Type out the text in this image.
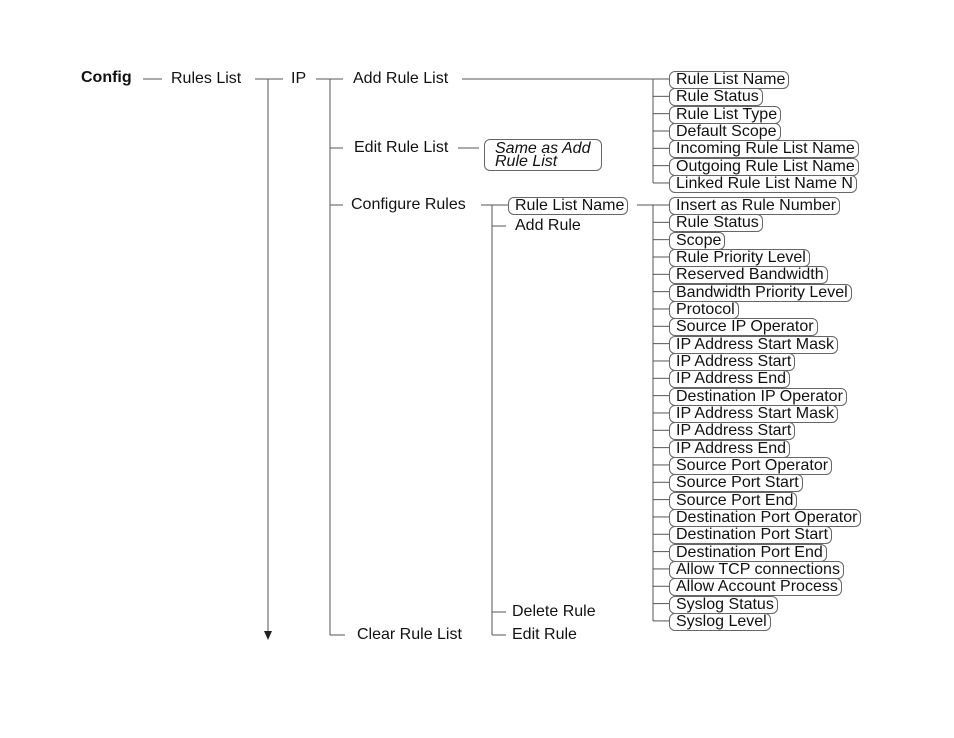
Config Rules List	IP	Add Rule List
Edit Rule List
Configure Rules
Clear Rule List
Same as Add Rule List
Rule List Name
Add Rule
Delete Rule
Edit Rule
Rule List Name
Rule Status
Rule List Type
Default Scope
Incoming Rule List Name
Outgoing Rule List Name
Linked Rule List Name N
Insert as Rule Number
Rule Status
Scope
Rule Priority Level
Reserved Bandwidth
Bandwidth Priority Level
Protocol
Source IP Operator
IP Address Start Mask
IP Address Start
IP Address End
Destination IP Operator
IP Address Start Mask
IP Address Start
IP Address End
Source Port Operator
Source Port Start
Source Port End
Destination Port Operator
Destination Port Start
Destination Port End
Allow TCP connections
Allow Account Process
Syslog Status
Syslog Level
